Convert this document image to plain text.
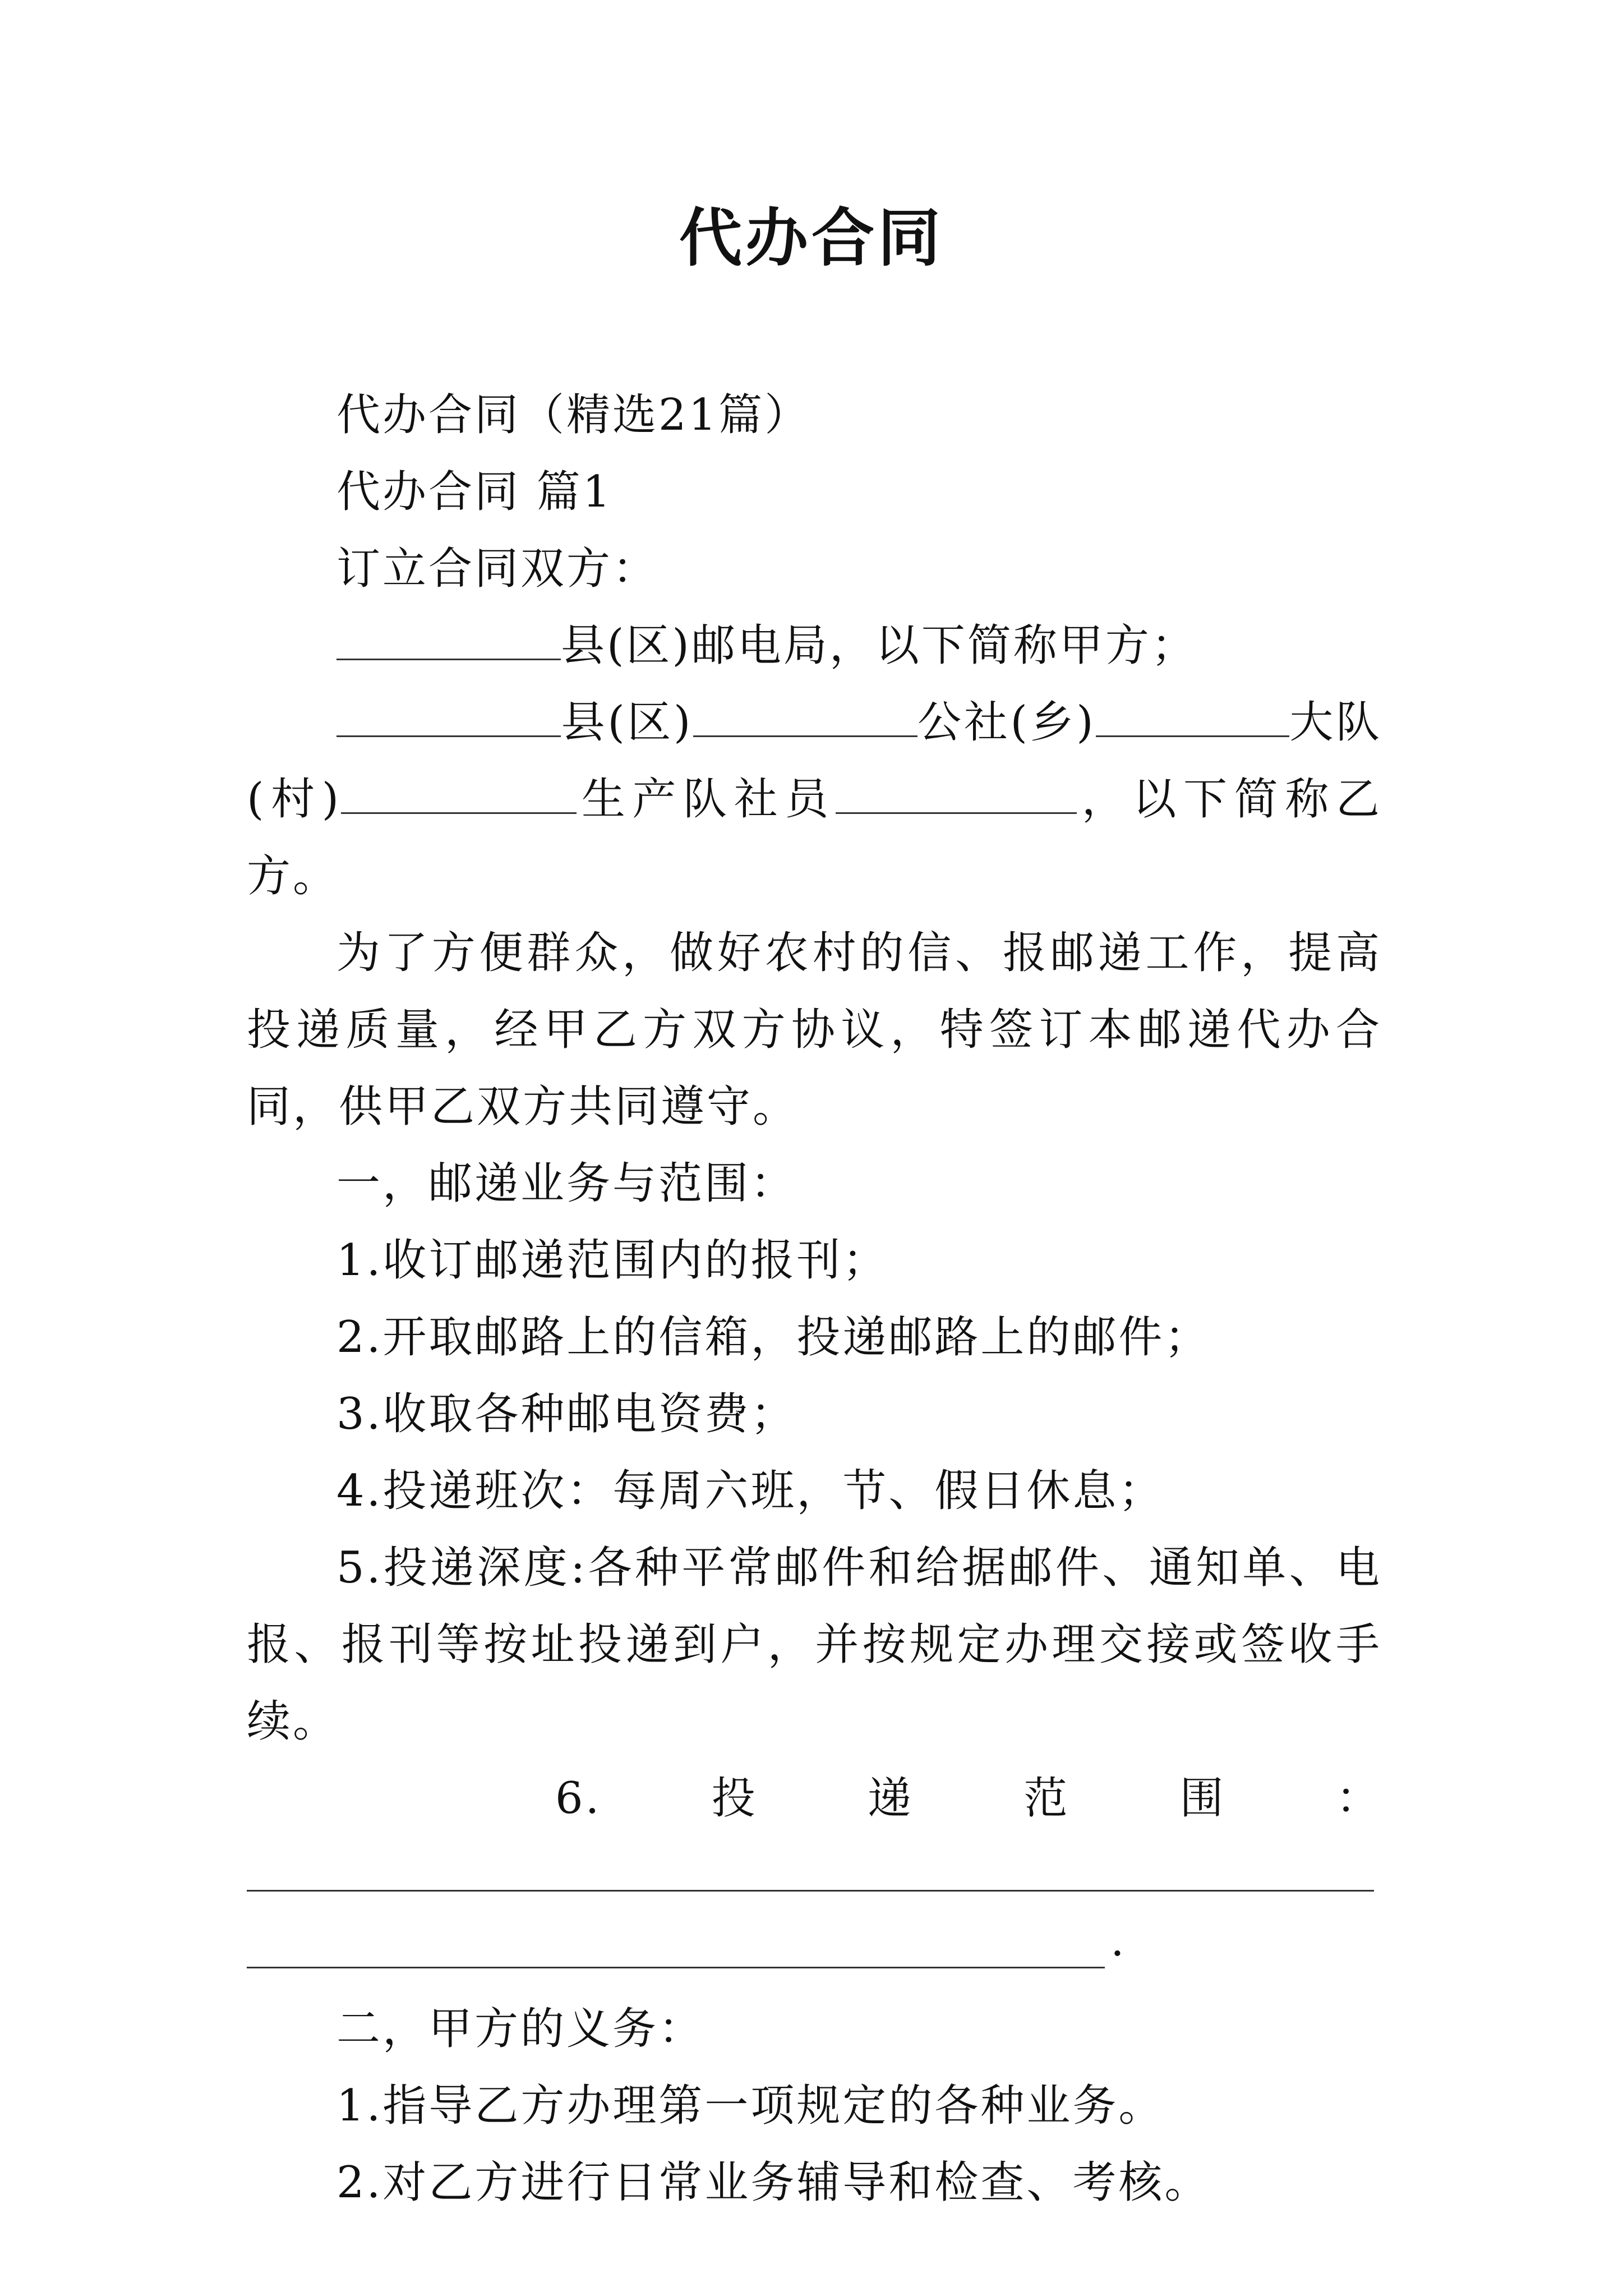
代办合同

代办合同（精选21篇）

代办合同 篇1

订立合同双方：

县(区)邮电局，以下简称甲方；

县(区)	公社(乡)	大队(村)	生产队社员	，以下简称乙方。

为了方便群众，做好农村的信、报邮递工作，提高投递质量，经甲乙方双方协议，特签订本邮递代办合同，供甲乙双方共同遵守。

一，邮递业务与范围：

1.收订邮递范围内的报刊；

2.开取邮路上的信箱，投递邮路上的邮件；

3.收取各种邮电资费；

4.投递班次：每周六班，节、假日休息；

5.投递深度:各种平常邮件和给据邮件、通知单、电报、报刊等按址投递到户，并按规定办理交接或签收手续。

6.	投	递	范	围	：

.

二，甲方的义务：

1.指导乙方办理第一项规定的各种业务。

2.对乙方进行日常业务辅导和检查、考核。
